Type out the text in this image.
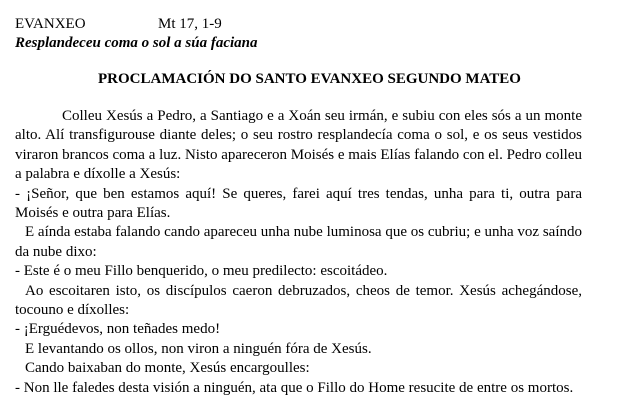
EVANXEO	Mt 17, 1-9
Resplandeceu coma o sol a súa faciana
PROCLAMACIÓN DO SANTO EVANXEO SEGUNDO MATEO

Colleu Xesús a Pedro, a Santiago e a Xoán seu irmán, e subiu con eles sós a un monte alto. Alí transfigurouse diante deles; o seu rostro resplandecía coma o sol, e os seus vestidos viraron brancos coma a luz. Nisto apareceron Moisés e mais Elías falando con el. Pedro colleu a palabra e díxolle a Xesús:

- ¡Señor, que ben estamos aquí! Se queres, farei aquí tres tendas, unha para ti, outra para Moisés e outra para Elías.

E aínda estaba falando cando apareceu unha nube luminosa que os cubriu; e unha voz saíndo da nube dixo:

- Este é o meu Fillo benquerido, o meu predilecto: escoitádeo.

Ao escoitaren isto, os discípulos caeron debruzados, cheos de temor. Xesús achegándose, tocouno e díxolles:

- ¡Erguédevos, non teñades medo!

E levantando os ollos, non viron a ninguén fóra de Xesús.

Cando baixaban do monte, Xesús encargoulles:

- Non lle faledes desta visión a ninguén, ata que o Fillo do Home resucite de entre os mortos.
